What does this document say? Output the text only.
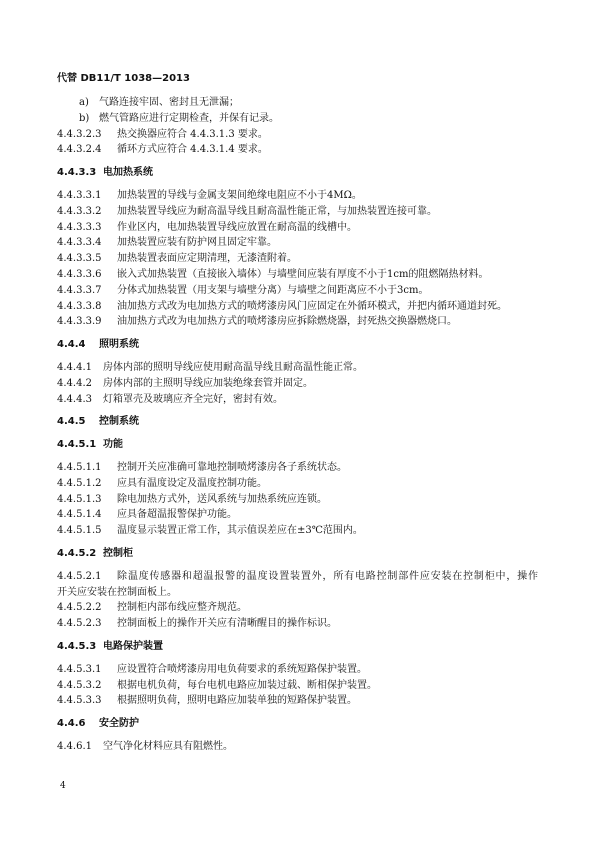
代替 DB11/T 1038—2013
a) 气路连接牢固、密封且无泄漏；
b) 燃气管路应进行定期检查，并保有记录。
4.4.3.2.3 热交换器应符合 4.4.3.1.3 要求。
4.4.3.2.4 循环方式应符合 4.4.3.1.4 要求。
4.4.3.3 电加热系统
4.4.3.3.1 加热装置的导线与金属支架间绝缘电阻应不小于4MΩ。
4.4.3.3.2 加热装置导线应为耐高温导线且耐高温性能正常，与加热装置连接可靠。
4.4.3.3.3 作业区内，电加热装置导线应放置在耐高温的线槽中。
4.4.3.3.4 加热装置应装有防护网且固定牢靠。
4.4.3.3.5 加热装置表面应定期清理，无漆渣附着。
4.4.3.3.6 嵌入式加热装置（直接嵌入墙体）与墙壁间应装有厚度不小于1cm的阻燃隔热材料。
4.4.3.3.7 分体式加热装置（用支架与墙壁分离）与墙壁之间距离应不小于3cm。
4.4.3.3.8 油加热方式改为电加热方式的喷烤漆房风门应固定在外循环模式，并把内循环通道封死。
4.4.3.3.9 油加热方式改为电加热方式的喷烤漆房应拆除燃烧器，封死热交换器燃烧口。
4.4.4 照明系统
4.4.4.1 房体内部的照明导线应使用耐高温导线且耐高温性能正常。
4.4.4.2 房体内部的主照明导线应加装绝缘套管并固定。
4.4.4.3 灯箱罩壳及玻璃应齐全完好，密封有效。
4.4.5 控制系统
4.4.5.1 功能
4.4.5.1.1 控制开关应准确可靠地控制喷烤漆房各子系统状态。
4.4.5.1.2 应具有温度设定及温度控制功能。
4.4.5.1.3 除电加热方式外，送风系统与加热系统应连锁。
4.4.5.1.4 应具备超温报警保护功能。
4.4.5.1.5 温度显示装置正常工作，其示值误差应在±3℃范围内。
4.4.5.2 控制柜
4.4.5.2.1 除温度传感器和超温报警的温度设置装置外，所有电路控制部件应安装在控制柜中，操作
开关应安装在控制面板上。
4.4.5.2.2 控制柜内部布线应整齐规范。
4.4.5.2.3 控制面板上的操作开关应有清晰醒目的操作标识。
4.4.5.3 电路保护装置
4.4.5.3.1 应设置符合喷烤漆房用电负荷要求的系统短路保护装置。
4.4.5.3.2 根据电机负荷，每台电机电路应加装过载、断相保护装置。
4.4.5.3.3 根据照明负荷，照明电路应加装单独的短路保护装置。
4.4.6 安全防护
4.4.6.1 空气净化材料应具有阻燃性。
4
